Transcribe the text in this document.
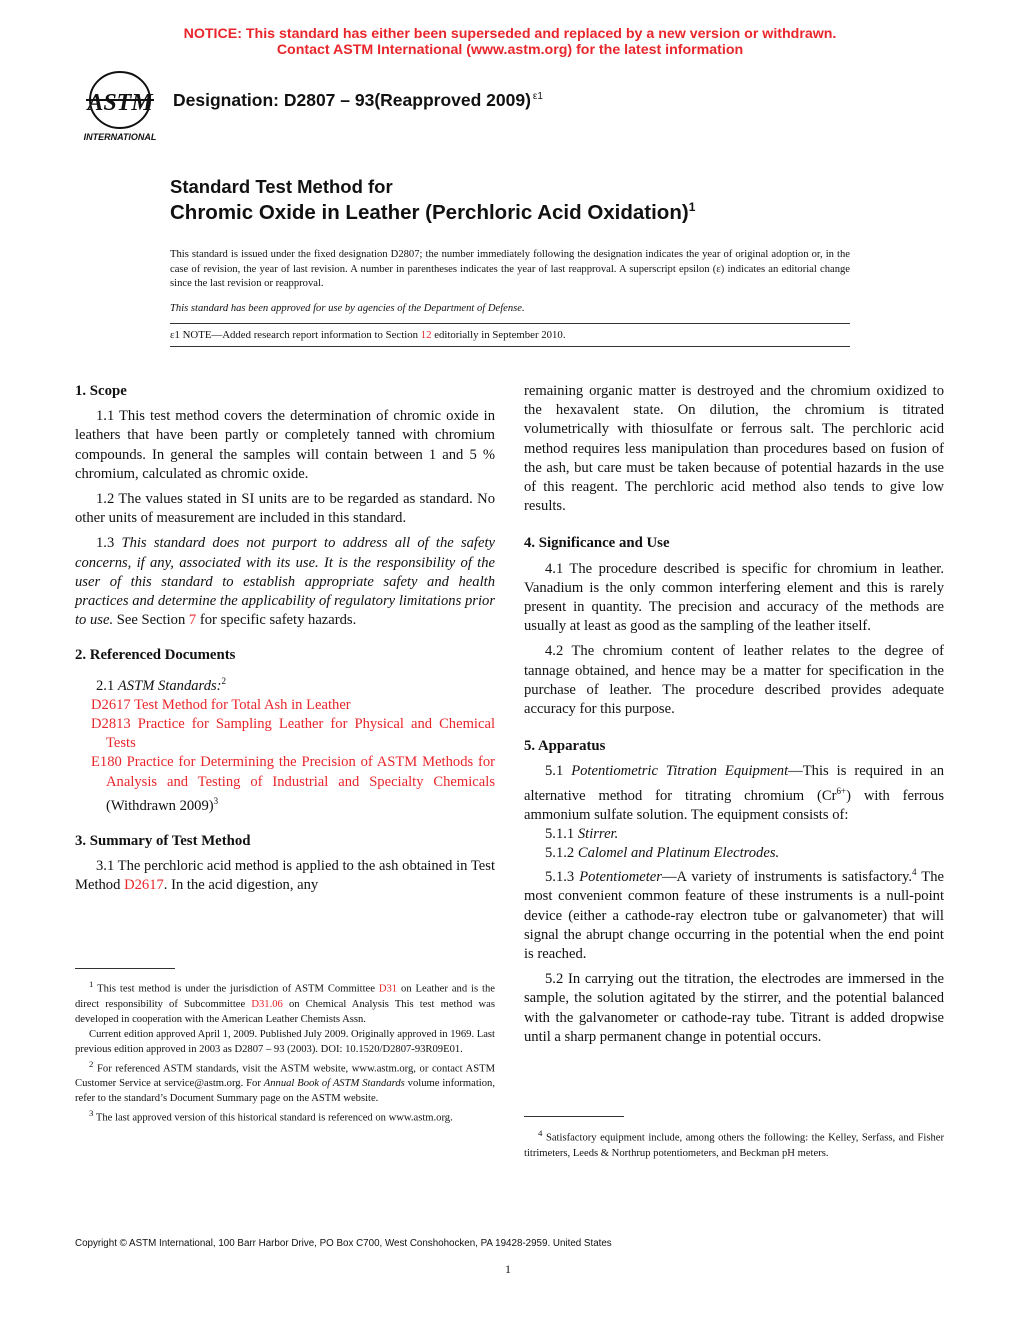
NOTICE: This standard has either been superseded and replaced by a new version or withdrawn.
Contact ASTM International (www.astm.org) for the latest information
ASTM
INTERNATIONAL
Designation: D2807 – 93(Reapproved 2009) $^{\varepsilon 1}$
Standard Test Method for
Chromic Oxide in Leather (Perchloric Acid Oxidation)$^1$
This standard is issued under the fixed designation D2807; the number immediately following the designation indicates the year of original adoption or, in the case of revision, the year of last revision. A number in parentheses indicates the year of last reapproval. A superscript epsilon (ε) indicates an editorial change since the last revision or reapproval.
This standard has been approved for use by agencies of the Department of Defense.
ε1 NOTE—Added research report information to Section 12 editorially in September 2010.

1. Scope

1.1 This test method covers the determination of chromic oxide in leathers that have been partly or completely tanned with chromium compounds. In general the samples will contain between 1 and 5 % chromium, calculated as chromic oxide.

1.2 The values stated in SI units are to be regarded as standard. No other units of measurement are included in this standard.

1.3 This standard does not purport to address all of the safety concerns, if any, associated with its use. It is the responsibility of the user of this standard to establish appropriate safety and health practices and determine the applicability of regulatory limitations prior to use. See Section 7 for specific safety hazards.

2. Referenced Documents

2.1 ASTM Standards:$^2$

D2617 Test Method for Total Ash in Leather

D2813 Practice for Sampling Leather for Physical and Chemical Tests

E180 Practice for Determining the Precision of ASTM Methods for Analysis and Testing of Industrial and Specialty Chemicals (Withdrawn 2009)$^3$

3. Summary of Test Method

3.1 The perchloric acid method is applied to the ash obtained in Test Method D2617. In the acid digestion, any

$^1$ This test method is under the jurisdiction of ASTM Committee D31 on Leather and is the direct responsibility of Subcommittee D31.06 on Chemical Analysis This test method was developed in cooperation with the American Leather Chemists Assn.

Current edition approved April 1, 2009. Published July 2009. Originally approved in 1969. Last previous edition approved in 2003 as D2807 – 93 (2003). DOI: 10.1520/D2807-93R09E01.

$^2$ For referenced ASTM standards, visit the ASTM website, www.astm.org, or contact ASTM Customer Service at service@astm.org. For Annual Book of ASTM Standards volume information, refer to the standard’s Document Summary page on the ASTM website.

$^3$ The last approved version of this historical standard is referenced on www.astm.org.

remaining organic matter is destroyed and the chromium oxidized to the hexavalent state. On dilution, the chromium is titrated volumetrically with thiosulfate or ferrous salt. The perchloric acid method requires less manipulation than procedures based on fusion of the ash, but care must be taken because of potential hazards in the use of this reagent. The perchloric acid method also tends to give low results.

4. Significance and Use

4.1 The procedure described is specific for chromium in leather. Vanadium is the only common interfering element and this is rarely present in quantity. The precision and accuracy of the methods are usually at least as good as the sampling of the leather itself.

4.2 The chromium content of leather relates to the degree of tannage obtained, and hence may be a matter for specification in the purchase of leather. The procedure described provides adequate accuracy for this purpose.

5. Apparatus

5.1 Potentiometric Titration Equipment—This is required in an alternative method for titrating chromium $(Cr^{6+})$ with ferrous ammonium sulfate solution. The equipment consists of:

5.1.1 Stirrer.

5.1.2 Calomel and Platinum Electrodes.

5.1.3 Potentiometer—A variety of instruments is satisfactory.$^4$ The most convenient common feature of these instruments is a null-point device (either a cathode-ray electron tube or galvanometer) that will signal the abrupt change occurring in the potential when the end point is reached.

5.2 In carrying out the titration, the electrodes are immersed in the sample, the solution agitated by the stirrer, and the potential balanced with the galvanometer or cathode-ray tube. Titrant is added dropwise until a sharp permanent change in potential occurs.

$^4$ Satisfactory equipment include, among others the following: the Kelley, Serfass, and Fisher titrimeters, Leeds & Northrup potentiometers, and Beckman pH meters.

Copyright © ASTM International, 100 Barr Harbor Drive, PO Box C700, West Conshohocken, PA 19428-2959. United States
1
